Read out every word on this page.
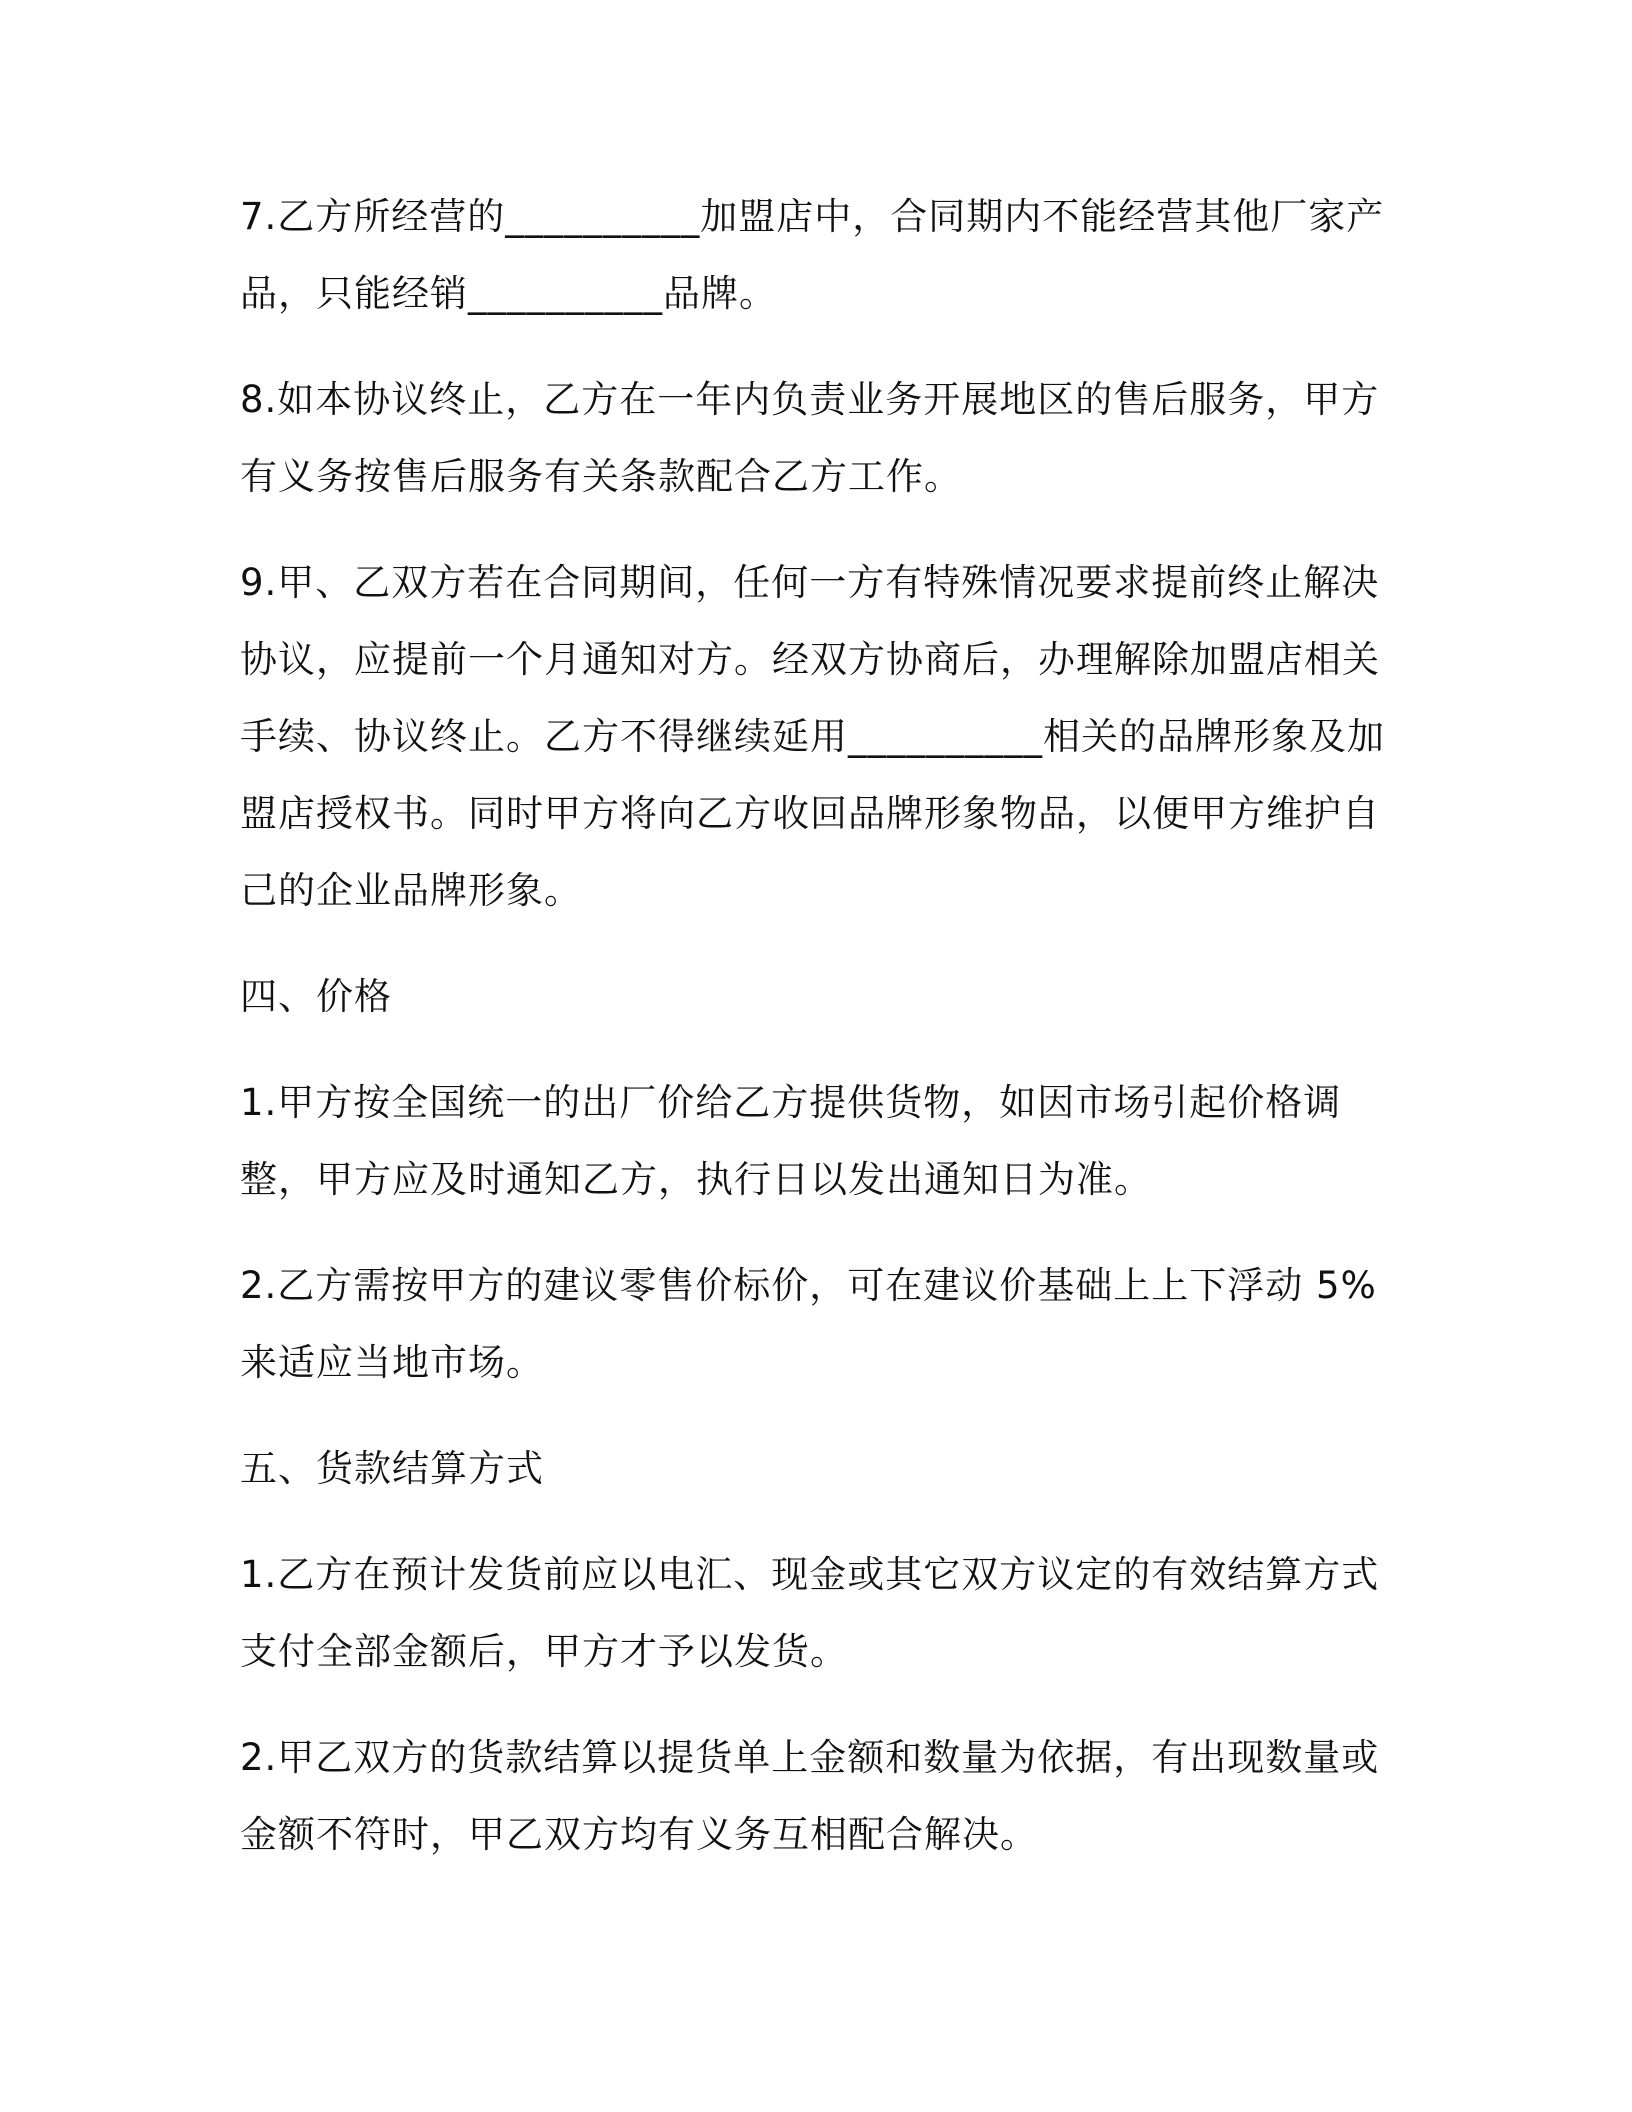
7.乙方所经营的__________加盟店中，合同期内不能经营其他厂家产品，只能经销__________品牌。

8.如本协议终止，乙方在一年内负责业务开展地区的售后服务，甲方有义务按售后服务有关条款配合乙方工作。

9.甲、乙双方若在合同期间，任何一方有特殊情况要求提前终止解决协议，应提前一个月通知对方。经双方协商后，办理解除加盟店相关手续、协议终止。乙方不得继续延用__________相关的品牌形象及加盟店授权书。同时甲方将向乙方收回品牌形象物品，以便甲方维护自己的企业品牌形象。

四、价格

1.甲方按全国统一的出厂价给乙方提供货物，如因市场引起价格调整，甲方应及时通知乙方，执行日以发出通知日为准。

2.乙方需按甲方的建议零售价标价，可在建议价基础上上下浮动 5%来适应当地市场。

五、货款结算方式

1.乙方在预计发货前应以电汇、现金或其它双方议定的有效结算方式支付全部金额后，甲方才予以发货。

2.甲乙双方的货款结算以提货单上金额和数量为依据，有出现数量或金额不符时，甲乙双方均有义务互相配合解决。
